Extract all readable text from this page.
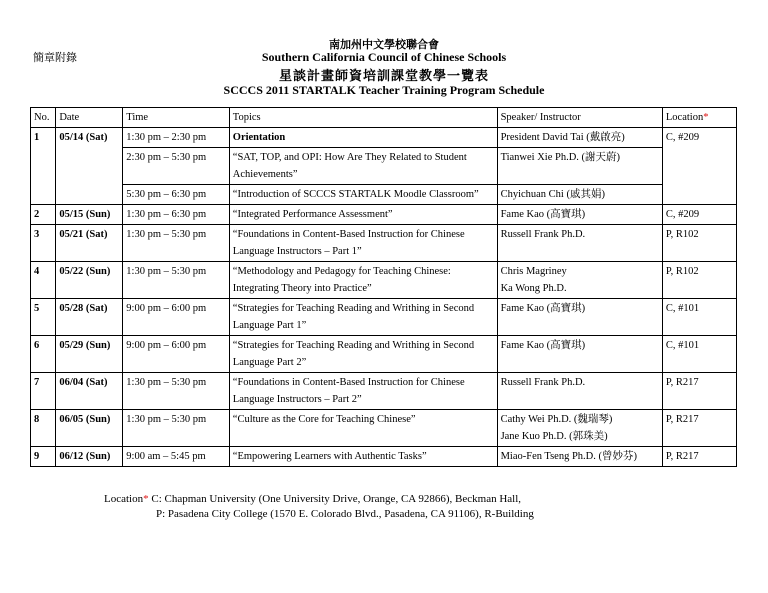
簡章附錄
南加州中文學校聯合會
Southern California Council of Chinese Schools
星談計畫師資培訓課堂教學一覽表
SCCCS 2011 STARTALK Teacher Training Program Schedule
No.	Date	Time	Topics	Speaker/ Instructor	Location*
1	05/14 (Sat)	1:30 pm – 2:30 pm	Orientation	President David Tai (戴啟亮)	C, #209
		2:30 pm – 5:30 pm	“SAT, TOP, and OPI: How Are They Related to Student Achievements”	Tianwei Xie Ph.D. (謝天蔚)	
		5:30 pm – 6:30 pm	“Introduction of SCCCS STARTALK Moodle Classroom”	Chyichuan Chi (戚其娟)	
2	05/15 (Sun)	1:30 pm – 6:30 pm	“Integrated Performance Assessment”	Fame Kao (高寶琪)	C, #209
3	05/21 (Sat)	1:30 pm – 5:30 pm	“Foundations in Content-Based Instruction for Chinese Language Instructors – Part 1”	Russell Frank Ph.D.	P, R102
4	05/22 (Sun)	1:30 pm – 5:30 pm	“Methodology and Pedagogy for Teaching Chinese: Integrating Theory into Practice”	Chris Magriney
Ka Wong Ph.D.	P, R102
5	05/28 (Sat)	9:00 pm – 6:00 pm	“Strategies for Teaching Reading and Writhing in Second Language Part 1”	Fame Kao (高寶琪)	C, #101
6	05/29 (Sun)	9:00 pm – 6:00 pm	“Strategies for Teaching Reading and Writhing in Second Language Part 2”	Fame Kao (高寶琪)	C, #101
7	06/04 (Sat)	1:30 pm – 5:30 pm	“Foundations in Content-Based Instruction for Chinese Language Instructors – Part 2”	Russell Frank Ph.D.	P, R217
8	06/05 (Sun)	1:30 pm – 5:30 pm	“Culture as the Core for Teaching Chinese”	Cathy Wei Ph.D. (魏瑞琴)
Jane Kuo Ph.D. (郭珠美)	P, R217
9	06/12 (Sun)	9:00 am – 5:45 pm	“Empowering Learners with Authentic Tasks”	Miao-Fen Tseng Ph.D. (曾妙芬)	P, R217
Location* C: Chapman University (One University Drive, Orange, CA 92866), Beckman Hall,
P: Pasadena City College (1570 E. Colorado Blvd., Pasadena, CA 91106), R-Building
